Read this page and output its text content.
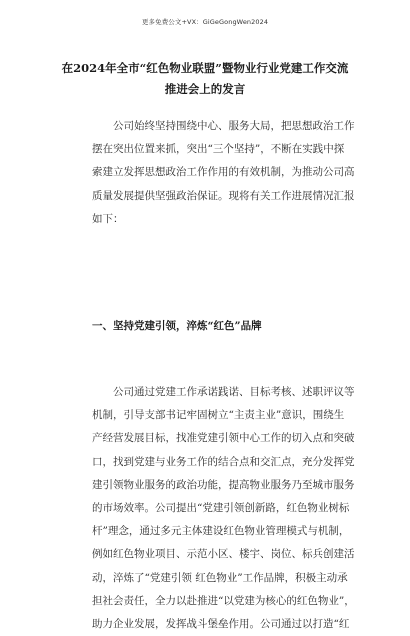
更多免费公文+VX：GiGeGongWen2024
在2024年全市“红色物业联盟”暨物业行业党建工作交流
推进会上的发言
公司始终坚持围绕中心、服务大局，把思想政治工作
摆在突出位置来抓，突出“三个坚持”，不断在实践中探
索建立发挥思想政治工作作用的有效机制，为推动公司高
质量发展提供坚强政治保证。现将有关工作进展情况汇报
如下：
一、坚持党建引领，淬炼“红色”品牌
公司通过党建工作承诺践诺、目标考核、述职评议等
机制，引导支部书记牢固树立“主责主业”意识，围绕生
产经营发展目标，找准党建引领中心工作的切入点和突破
口，找到党建与业务工作的结合点和交汇点，充分发挥党
建引领物业服务的政治功能，提高物业服务乃至城市服务
的市场效率。公司提出“党建引领创新路，红色物业树标
杆”理念，通过多元主体建设红色物业管理模式与机制，
例如红色物业项目、示范小区、楼宇、岗位、标兵创建活
动，淬炼了“党建引领 红色物业”工作品牌，积极主动承
担社会责任，全力以赴推进“以党建为核心的红色物业”，
助力企业发展，发挥战斗堡垒作用。公司通过以打造“红
